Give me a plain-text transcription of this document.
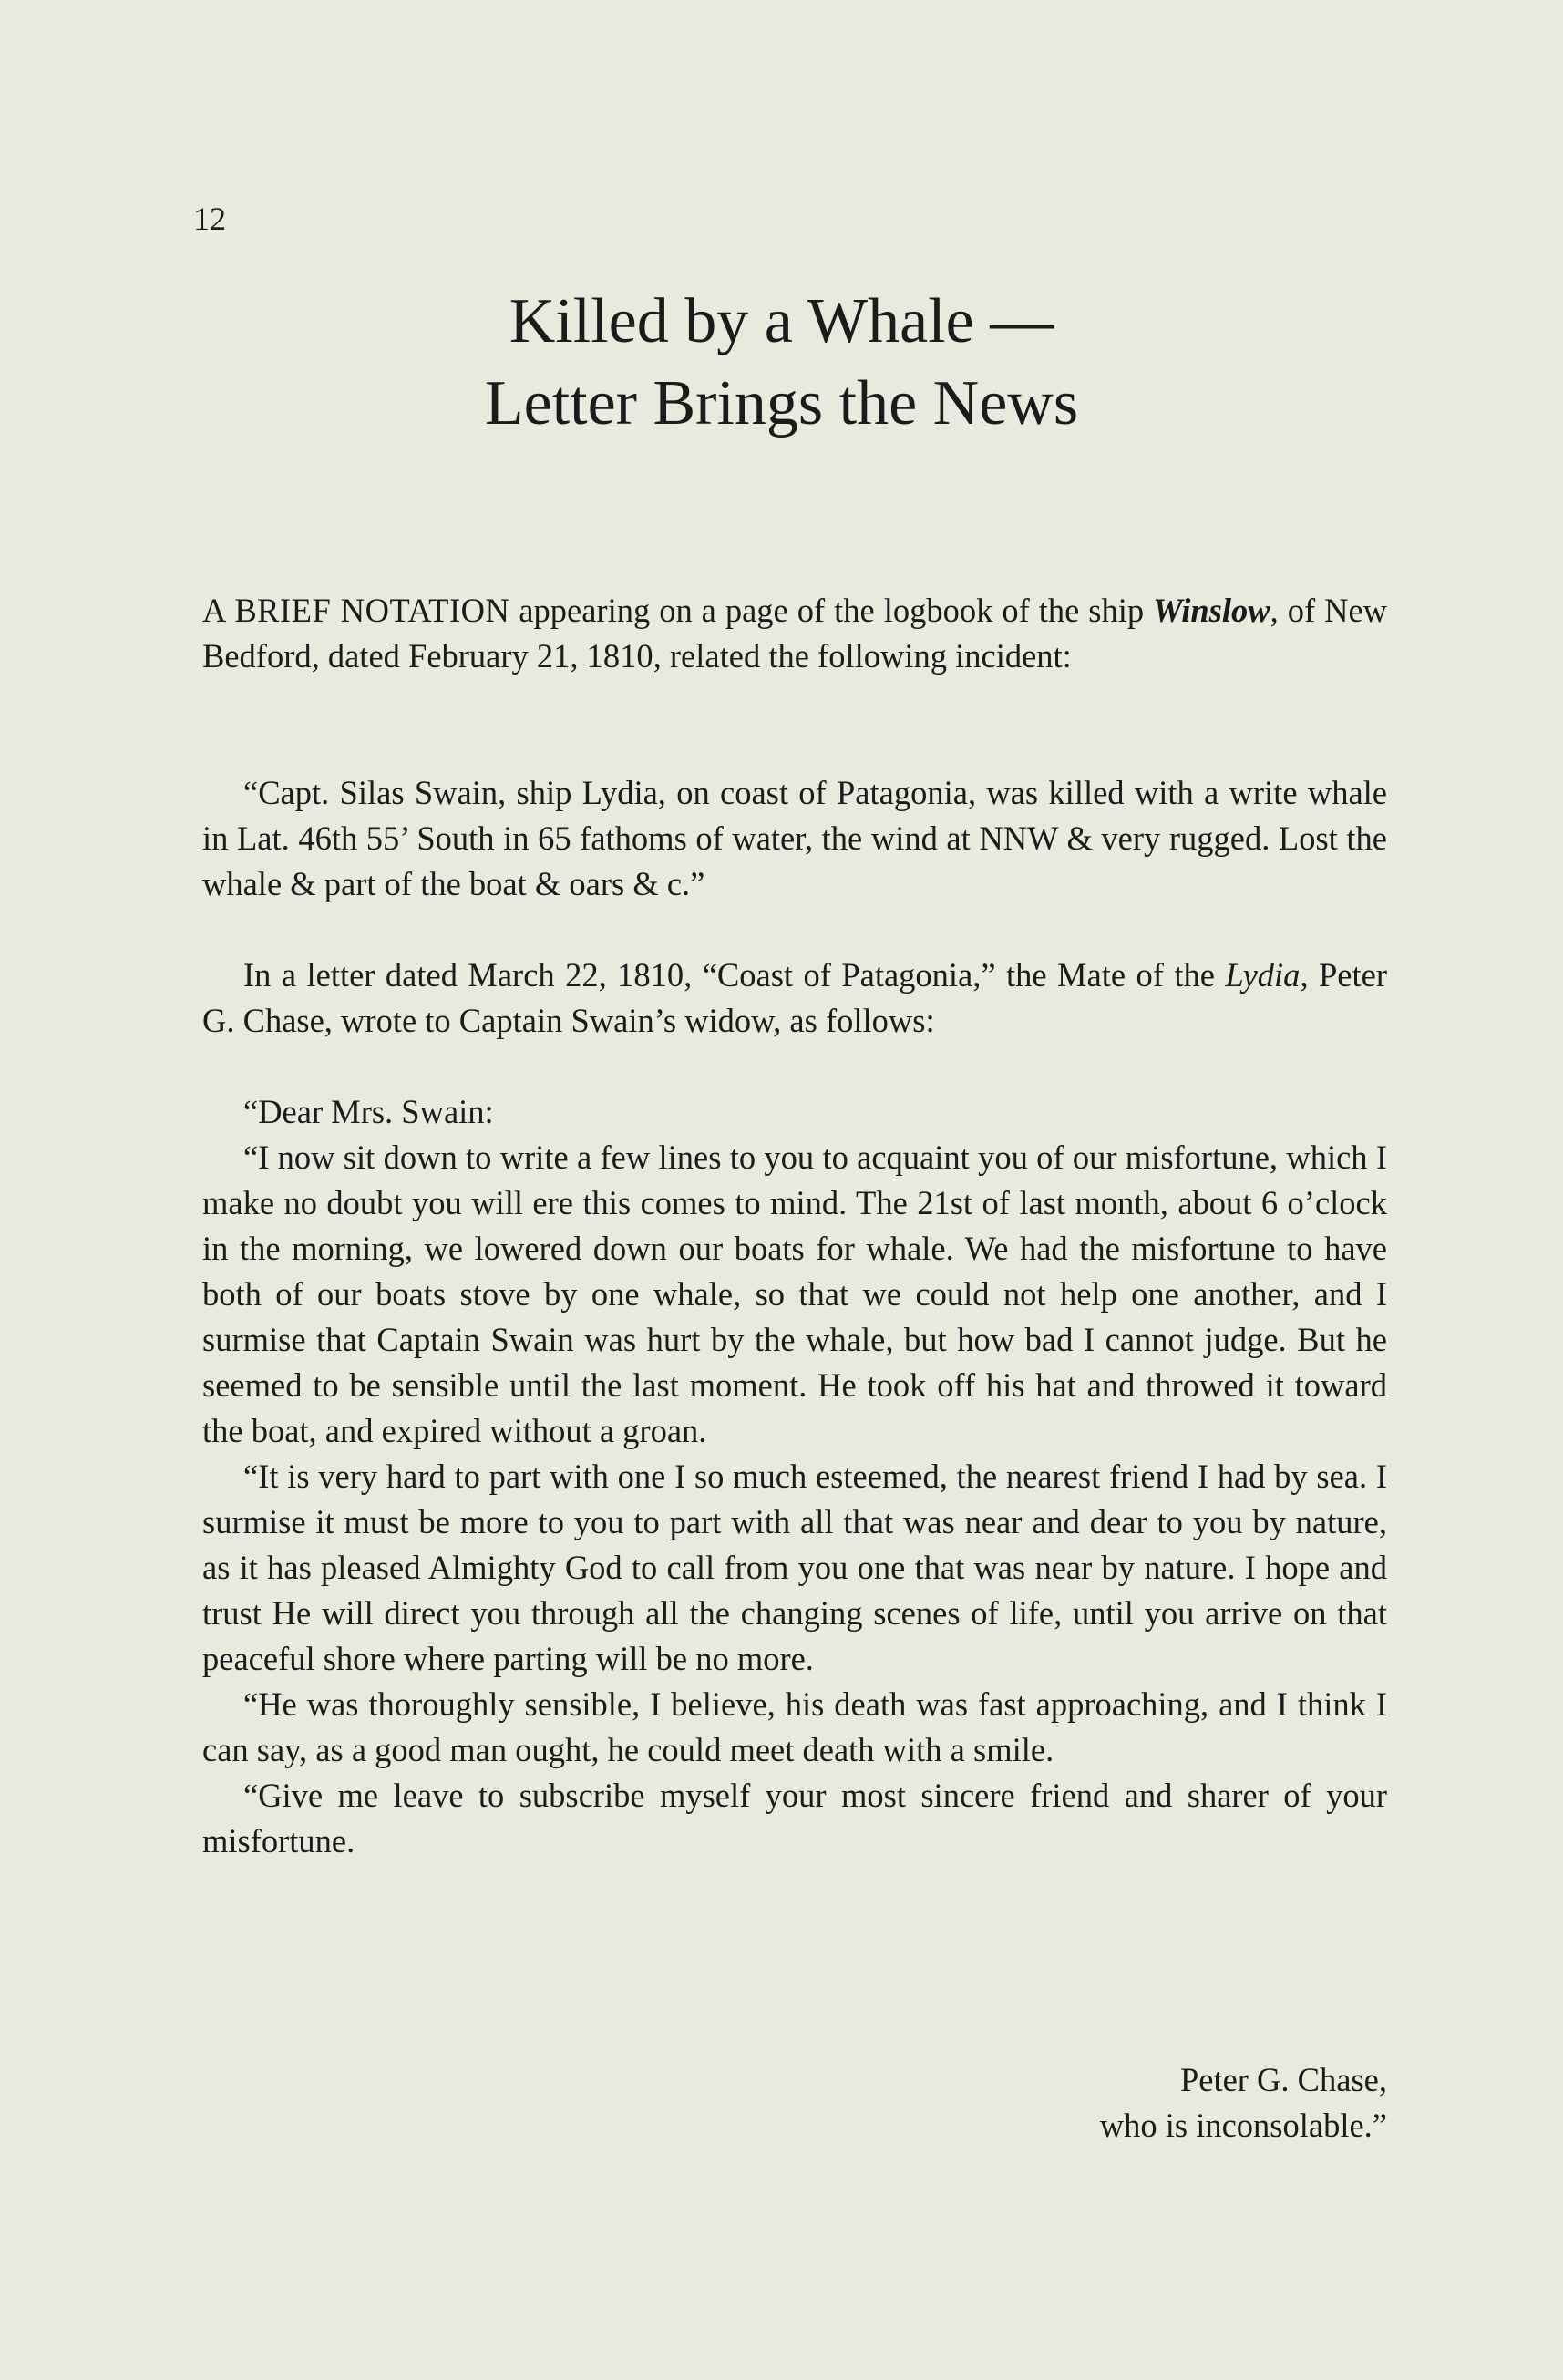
12
Killed by a Whale —
Letter Brings the News

A BRIEF NOTATION appearing on a page of the logbook of the ship Winslow, of New Bedford, dated February 21, 1810, related the following incident:

“Capt. Silas Swain, ship Lydia, on coast of Patagonia, was killed with a write whale in Lat. 46th 55’ South in 65 fathoms of water, the wind at NNW & very rugged. Lost the whale & part of the boat & oars & c.”

In a letter dated March 22, 1810, “Coast of Patagonia,” the Mate of the Lydia, Peter G. Chase, wrote to Captain Swain’s widow, as follows:

“Dear Mrs. Swain:

“I now sit down to write a few lines to you to acquaint you of our misfortune, which I make no doubt you will ere this comes to mind. The 21st of last month, about 6 o’clock in the morning, we lowered down our boats for whale. We had the misfortune to have both of our boats stove by one whale, so that we could not help one another, and I surmise that Captain Swain was hurt by the whale, but how bad I cannot judge. But he seemed to be sensible until the last moment. He took off his hat and throwed it toward the boat, and expired without a groan.

“It is very hard to part with one I so much esteemed, the nearest friend I had by sea. I surmise it must be more to you to part with all that was near and dear to you by nature, as it has pleased Almighty God to call from you one that was near by nature. I hope and trust He will direct you through all the changing scenes of life, until you arrive on that peaceful shore where parting will be no more.

“He was thoroughly sensible, I believe, his death was fast approaching, and I think I can say, as a good man ought, he could meet death with a smile.

“Give me leave to subscribe myself your most sincere friend and sharer of your misfortune.

Peter G. Chase,
who is inconsolable.”
